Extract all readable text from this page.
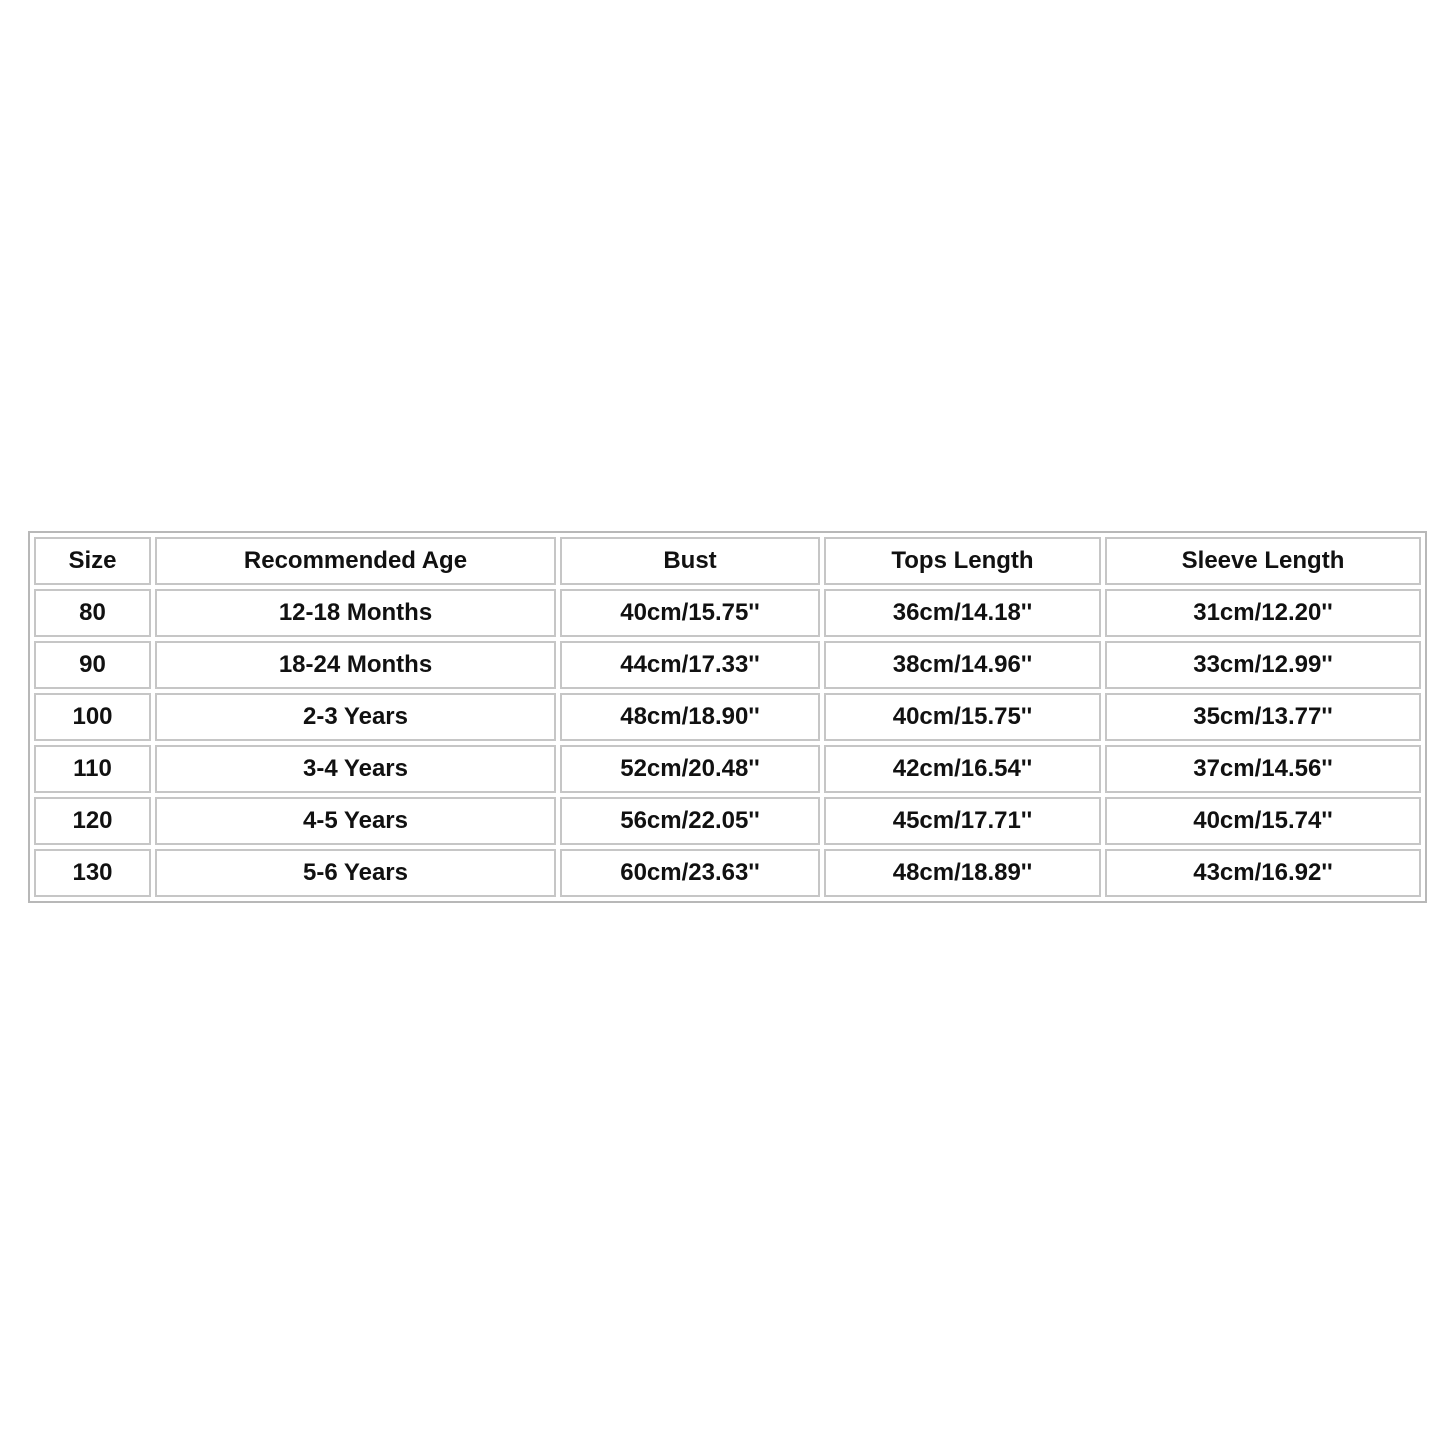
Size	Recommended Age	Bust	Tops Length	Sleeve Length
80	12-18 Months	40cm/15.75''	36cm/14.18''	31cm/12.20''
90	18-24 Months	44cm/17.33''	38cm/14.96''	33cm/12.99''
100	2-3 Years	48cm/18.90''	40cm/15.75''	35cm/13.77''
110	3-4 Years	52cm/20.48''	42cm/16.54''	37cm/14.56''
120	4-5 Years	56cm/22.05''	45cm/17.71''	40cm/15.74''
130	5-6 Years	60cm/23.63''	48cm/18.89''	43cm/16.92''
